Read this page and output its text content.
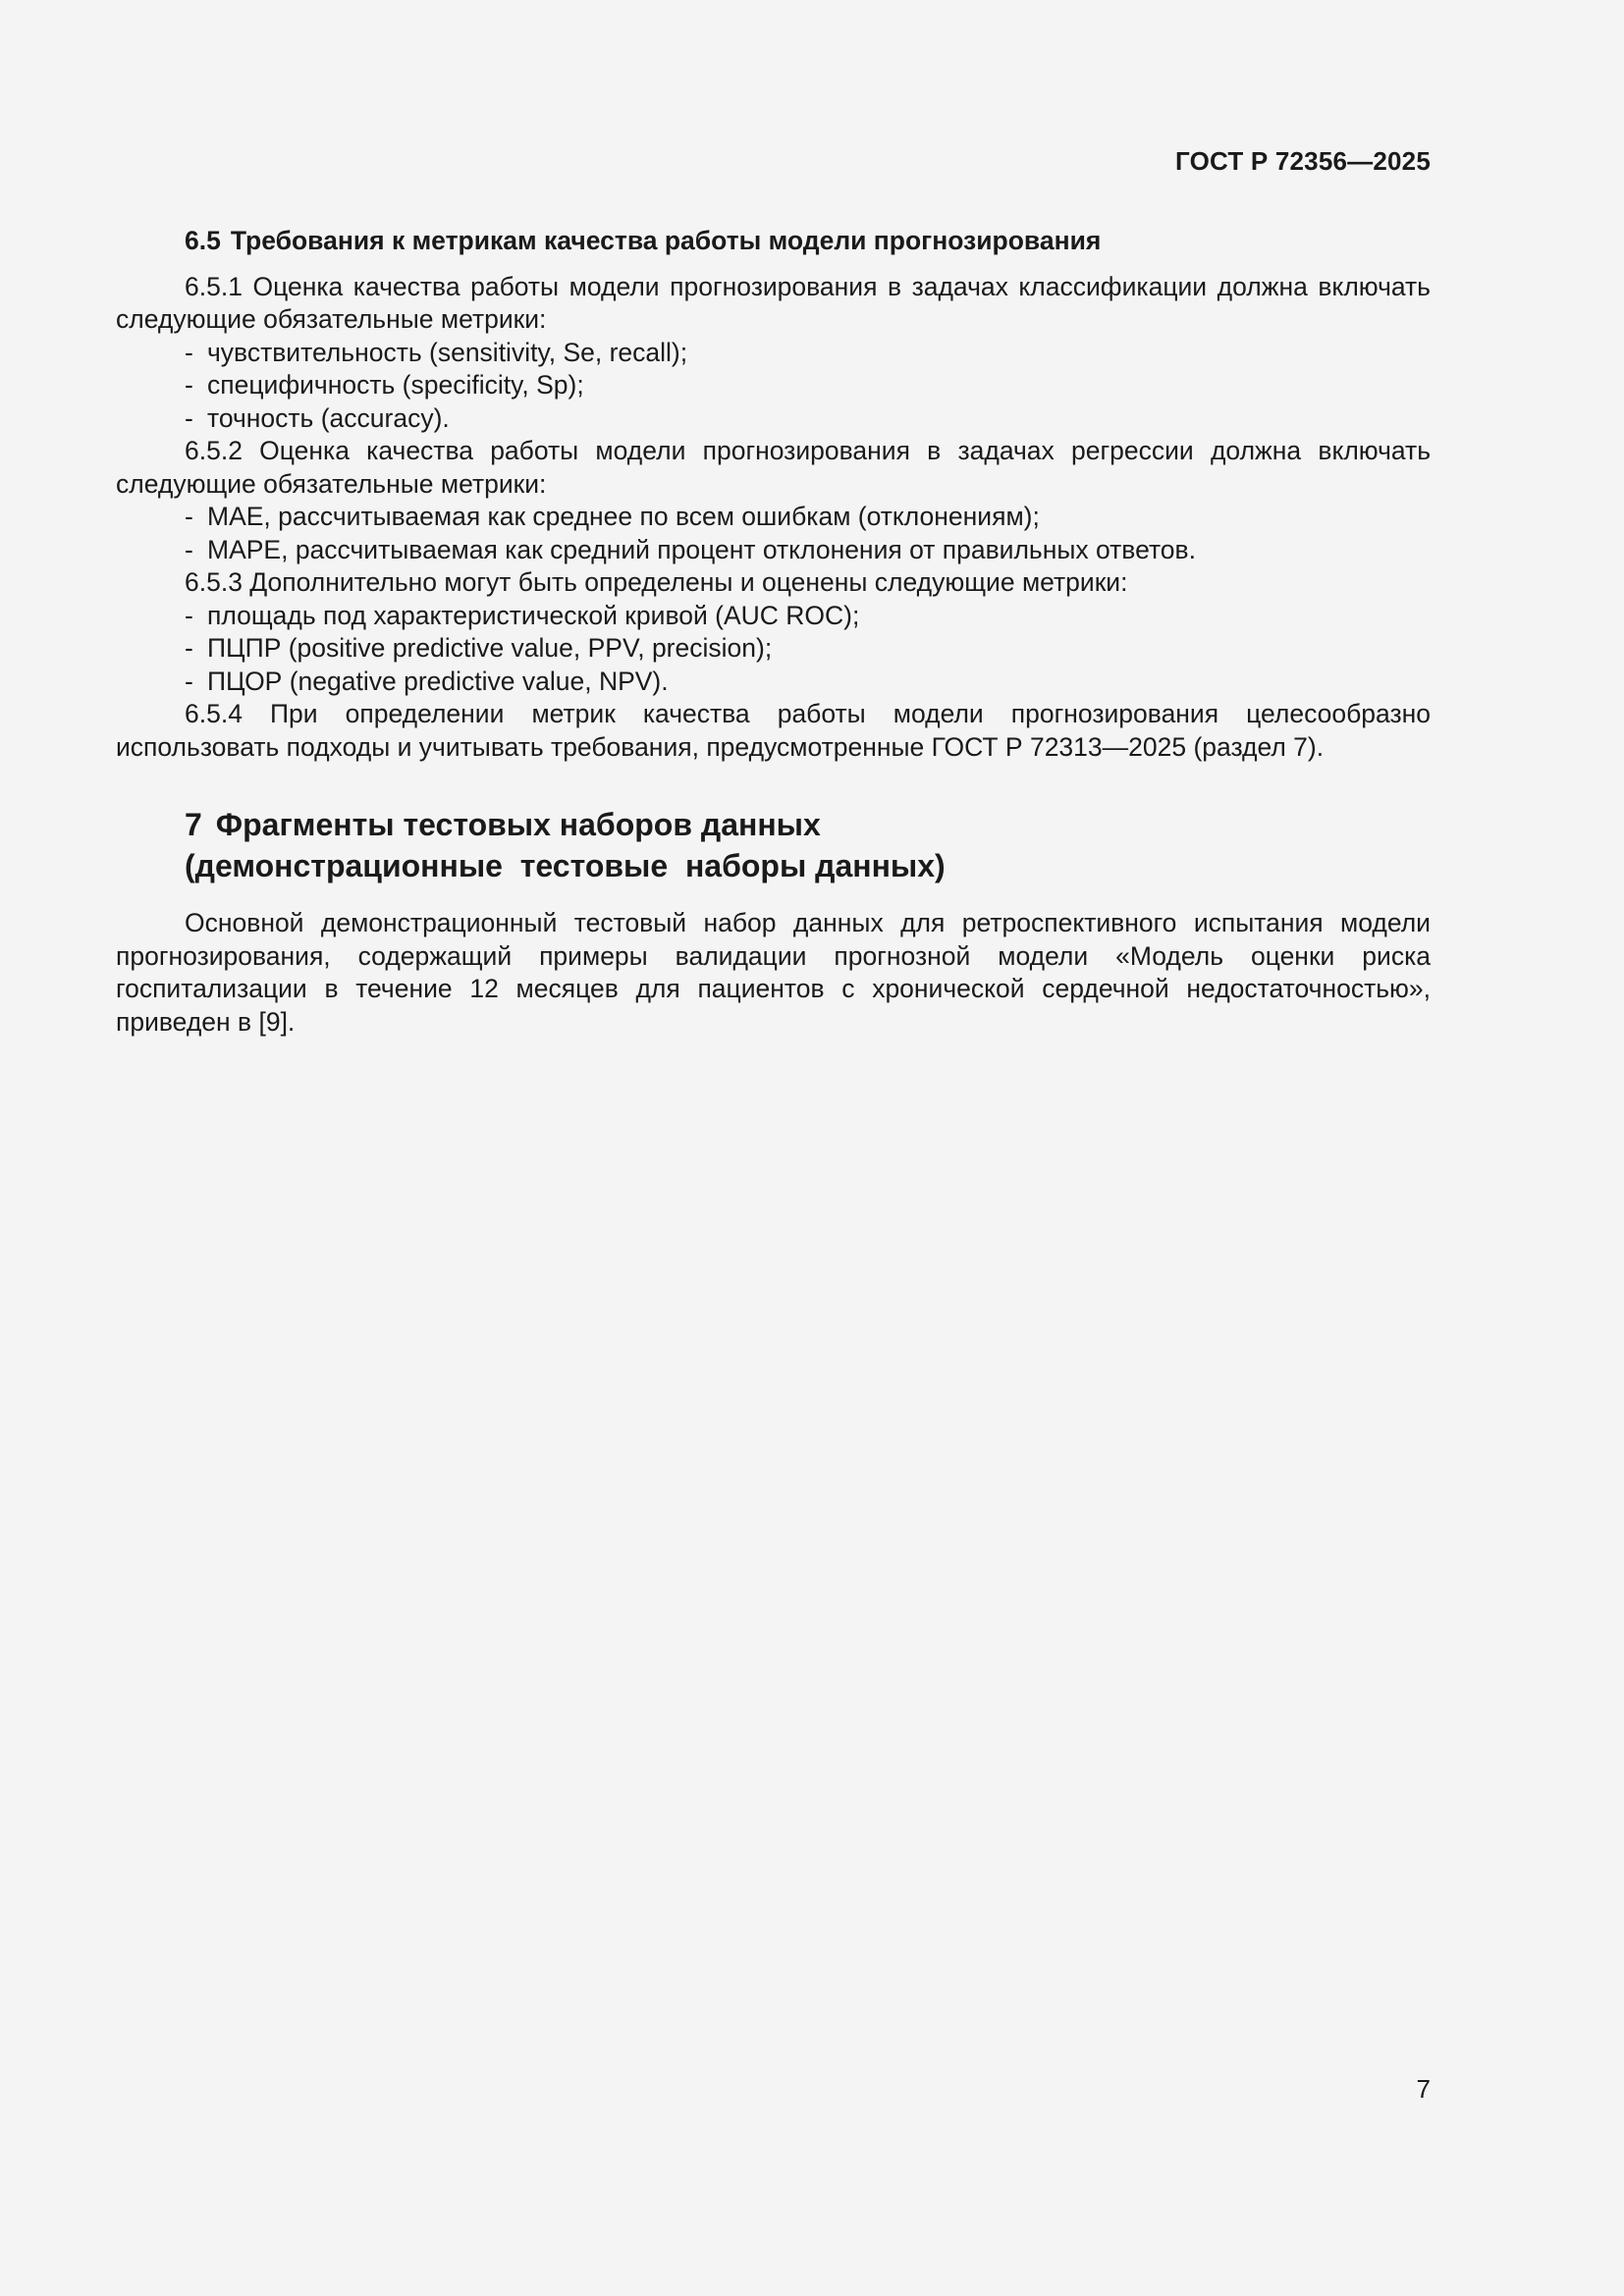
ГОСТ Р 72356—2025

6.5 Требования к метрикам качества работы модели прогнозирования

6.5.1 Оценка качества работы модели прогнозирования в задачах классификации должна включать следующие обязательные метрики:

- чувствительность (sensitivity, Se, recall);

- специфичность (specificity, Sp);

- точность (accuracy).

6.5.2 Оценка качества работы модели прогнозирования в задачах регрессии должна включать следующие обязательные метрики:

- MAE, рассчитываемая как среднее по всем ошибкам (отклонениям);

- MAPE, рассчитываемая как средний процент отклонения от правильных ответов.

6.5.3 Дополнительно могут быть определены и оценены следующие метрики:

- площадь под характеристической кривой (AUC ROC);

- ПЦПР (positive predictive value, PPV, precision);

- ПЦОР (negative predictive value, NPV).

6.5.4 При определении метрик качества работы модели прогнозирования целесообразно использовать подходы и учитывать требования, предусмотренные ГОСТ Р 72313—2025 (раздел 7).

7 Фрагменты тестовых наборов данных
(демонстрационные  тестовые  наборы данных)

Основной демонстрационный тестовый набор данных для ретроспективного испытания модели прогнозирования, содержащий примеры валидации прогнозной модели «Модель оценки риска госпитализации в течение 12 месяцев для пациентов с хронической сердечной недостаточностью», приведен в [9].

7
